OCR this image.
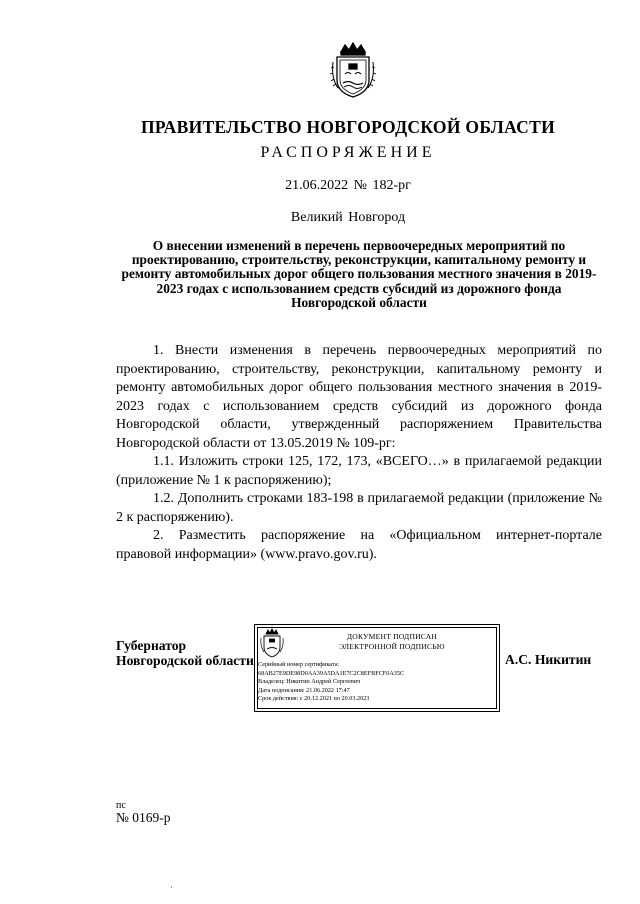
ПРАВИТЕЛЬСТВО НОВГОРОДСКОЙ ОБЛАСТИ
РАСПОРЯЖЕНИЕ
21.06.2022 № 182-рг
Великий Новгород
О внесении изменений в перечень первоочередных мероприятий по проектированию, строительству, реконструкции, капитальному ремонту и ремонту автомобильных дорог общего пользования местного значения в 2019-2023 годах с использованием средств субсидий из дорожного фонда Новгородской области

1. Внести изменения в перечень первоочередных мероприятий по проектированию, строительству, реконструкции, капитальному ремонту и ремонту автомобильных дорог общего пользования местного значения в 2019-2023 годах с использованием средств субсидий из дорожного фонда Новгородской области, утвержденный распоряжением Правительства Новгородской области от 13.05.2019 № 109-рг:

1.1. Изложить строки 125, 172, 173, «ВСЕГО…» в прилагаемой редакции (приложение № 1 к распоряжению);

1.2. Дополнить строками 183-198 в прилагаемой редакции (приложение № 2 к распоряжению).

2. Разместить распоряжение на «Официальном интернет-портале правовой информации» (www.pravo.gov.ru).

Губернатор
Новгородской области
ДОКУМЕНТ ПОДПИСАН
ЭЛЕКТРОННОЙ ПОДПИСЬЮ
Серийный номер сертификата:
68AB27E9DE98D0AA39A5DA1E7C2C8EFBFCF0A35C
Владелец: Никитин Андрей Сергеевич
Дата подписания: 21.06.2022 17:47
Срок действия: с 20.12.2021 по 20.03.2023
А.С. Никитин
пс
№ 0169-р
·
